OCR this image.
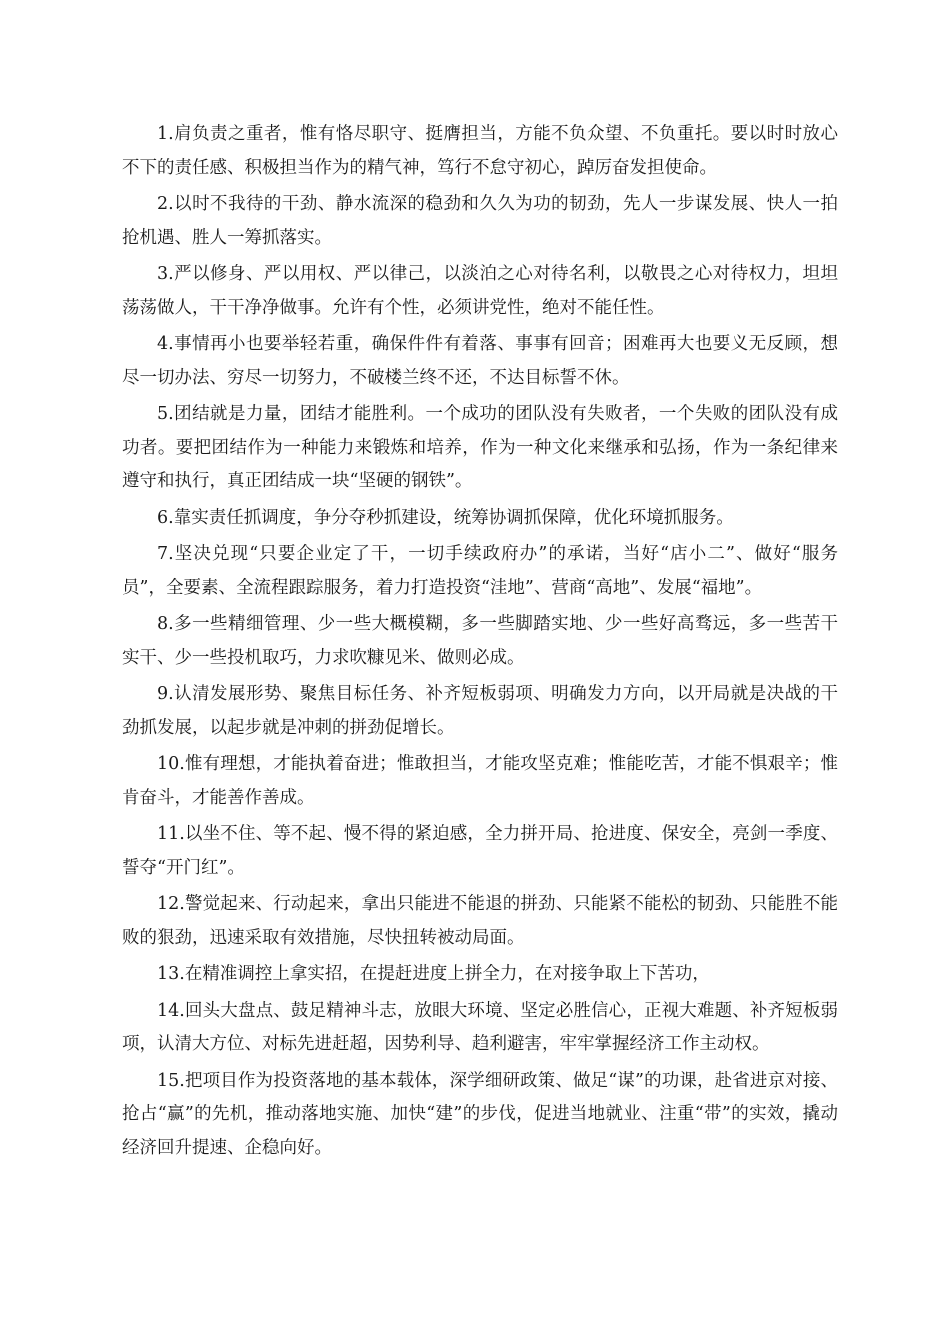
1.肩负责之重者，惟有恪尽职守、挺膺担当，方能不负众望、不负重托。要以时时放心不下的责任感、积极担当作为的精气神，笃行不怠守初心，踔厉奋发担使命。

2.以时不我待的干劲、静水流深的稳劲和久久为功的韧劲，先人一步谋发展、快人一拍抢机遇、胜人一筹抓落实。

3.严以修身、严以用权、严以律己，以淡泊之心对待名利，以敬畏之心对待权力，坦坦荡荡做人，干干净净做事。允许有个性，必须讲党性，绝对不能任性。

4.事情再小也要举轻若重，确保件件有着落、事事有回音；困难再大也要义无反顾，想尽一切办法、穷尽一切努力，不破楼兰终不还，不达目标誓不休。

5.团结就是力量，团结才能胜利。一个成功的团队没有失败者，一个失败的团队没有成功者。要把团结作为一种能力来锻炼和培养，作为一种文化来继承和弘扬，作为一条纪律来遵守和执行，真正团结成一块“坚硬的钢铁”。

6.靠实责任抓调度，争分夺秒抓建设，统筹协调抓保障，优化环境抓服务。

7.坚决兑现“只要企业定了干，一切手续政府办”的承诺，当好“店小二”、做好“服务员”，全要素、全流程跟踪服务，着力打造投资“洼地”、营商“高地”、发展“福地”。

8.多一些精细管理、少一些大概模糊，多一些脚踏实地、少一些好高骛远，多一些苦干实干、少一些投机取巧，力求吹糠见米、做则必成。

9.认清发展形势、聚焦目标任务、补齐短板弱项、明确发力方向，以开局就是决战的干劲抓发展，以起步就是冲刺的拼劲促增长。

10.惟有理想，才能执着奋进；惟敢担当，才能攻坚克难；惟能吃苦，才能不惧艰辛；惟肯奋斗，才能善作善成。

11.以坐不住、等不起、慢不得的紧迫感，全力拼开局、抢进度、保安全，亮剑一季度、誓夺“开门红”。

12.警觉起来、行动起来，拿出只能进不能退的拼劲、只能紧不能松的韧劲、只能胜不能败的狠劲，迅速采取有效措施，尽快扭转被动局面。

13.在精准调控上拿实招，在提赶进度上拼全力，在对接争取上下苦功，

14.回头大盘点、鼓足精神斗志，放眼大环境、坚定必胜信心，正视大难题、补齐短板弱项，认清大方位、对标先进赶超，因势利导、趋利避害，牢牢掌握经济工作主动权。

15.把项目作为投资落地的基本载体，深学细研政策、做足“谋”的功课，赴省进京对接、抢占“赢”的先机，推动落地实施、加快“建”的步伐，促进当地就业、注重“带”的实效，撬动经济回升提速、企稳向好。
